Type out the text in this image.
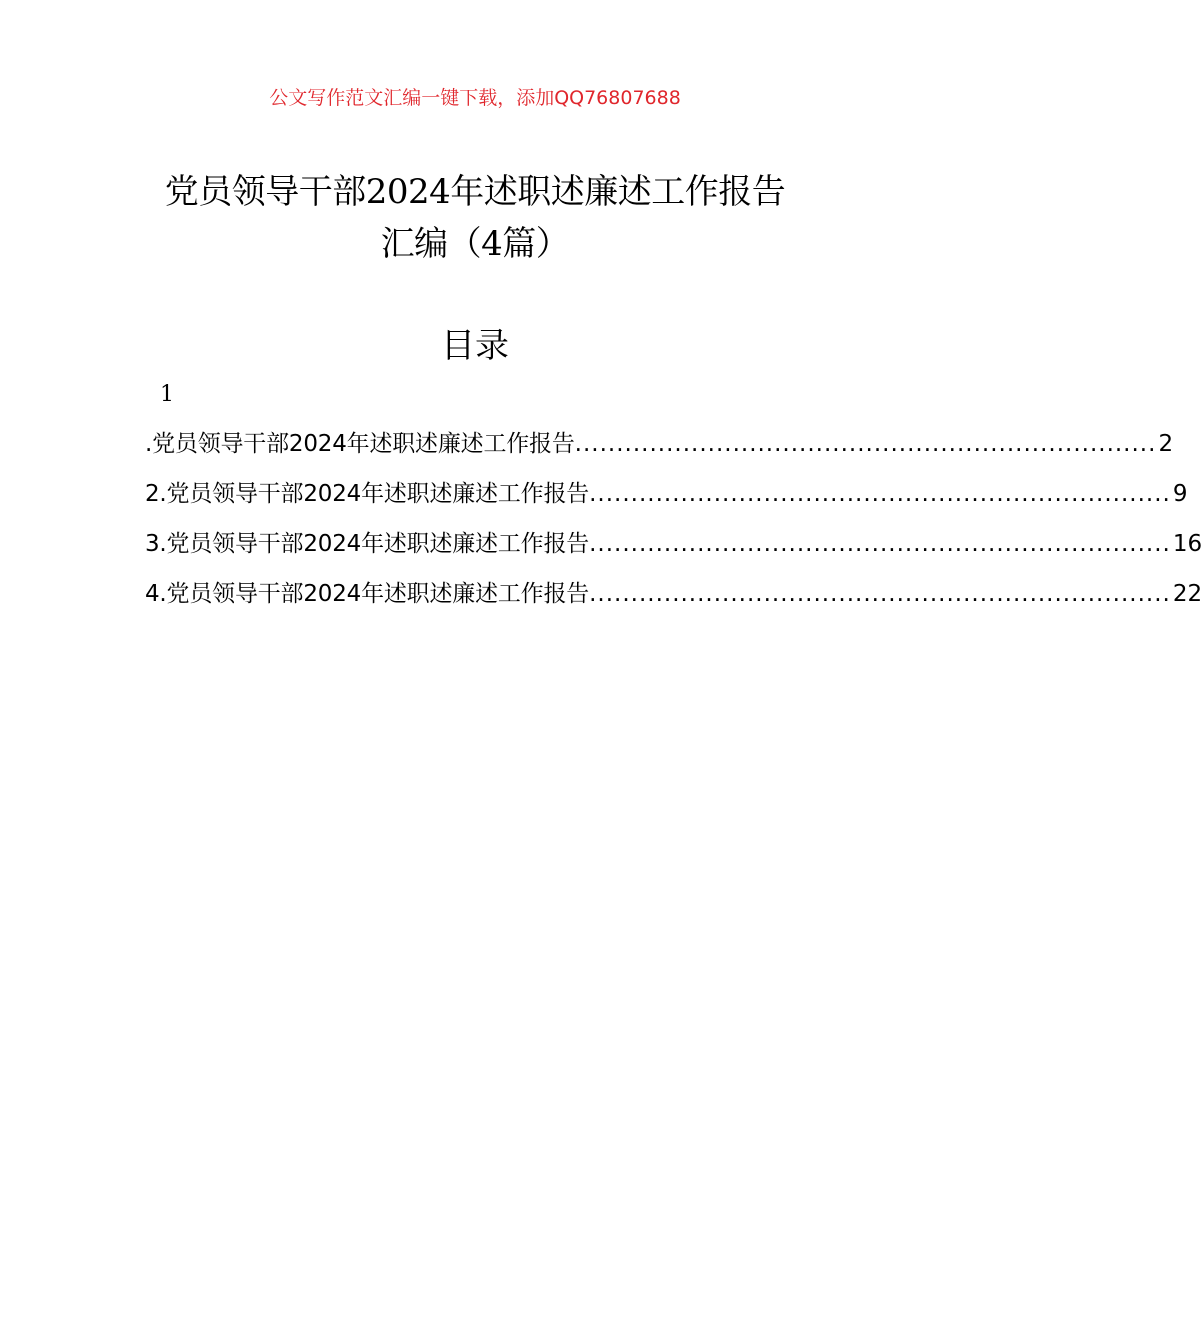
公文写作范文汇编一键下载，添加QQ76807688
党员领导干部2024年述职述廉述工作报告
汇编（4篇）
目录
1
.党员领导干部2024年述职述廉述工作报告 ...................................................................... 2
2.党员领导干部2024年述职述廉述工作报告 ...................................................................... 9
3.党员领导干部2024年述职述廉述工作报告 ...................................................................... 16
4.党员领导干部2024年述职述廉述工作报告 ...................................................................... 22
